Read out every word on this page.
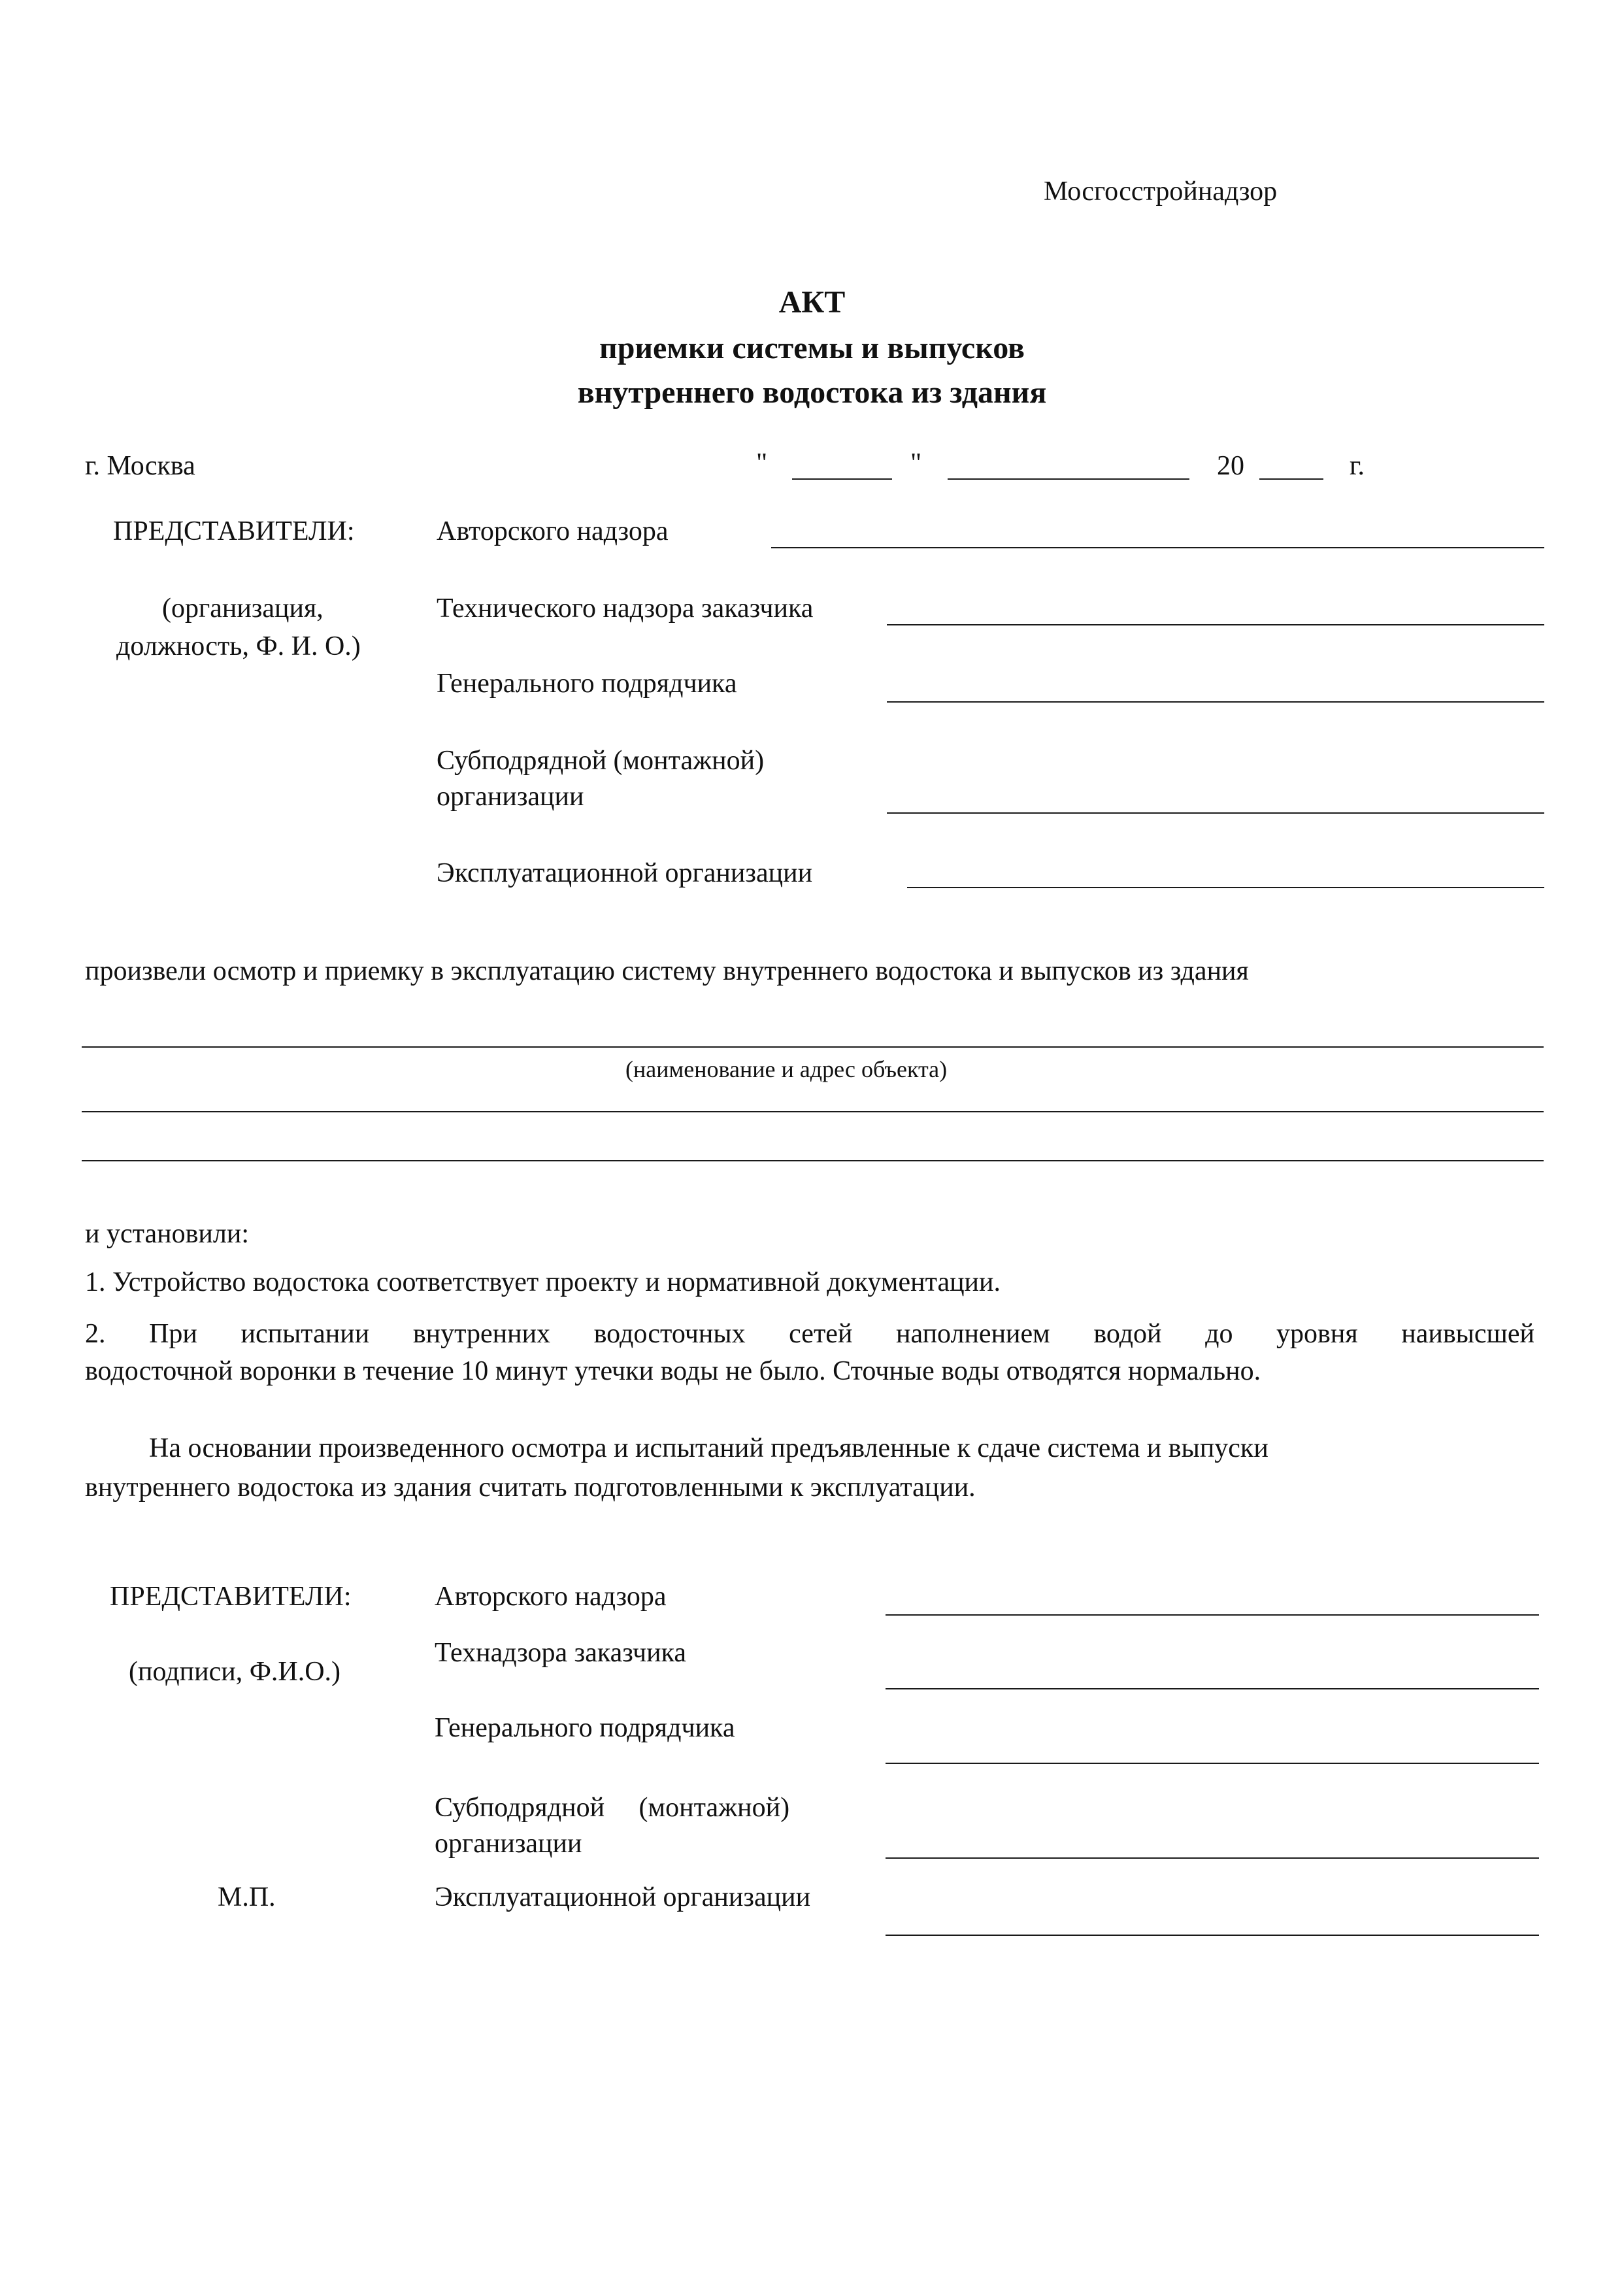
Мосгосстройнадзор
АКТ
приемки системы и выпусков
внутреннего водостока из здания
г. Москва	"	"	20	г.
ПРЕДСТАВИТЕЛИ:
(организация,
должность, Ф. И. О.)
Авторского надзора
Технического надзора заказчика
Генерального подрядчика
Субподрядной (монтажной)
организации
Эксплуатационной организации
произвели осмотр и приемку в эксплуатацию систему внутреннего водостока и выпусков из здания
(наименование и адрес объекта)
и установили:
1. Устройство водостока соответствует проекту и нормативной документации.
2. При испытании внутренних водосточных сетей наполнением водой до уровня наивысшей
водосточной воронки в течение 10 минут утечки воды не было. Сточные воды отводятся нормально.
На основании произведенного осмотра и испытаний предъявленные к сдаче система и выпуски
внутреннего водостока из здания считать подготовленными к эксплуатации.
ПРЕДСТАВИТЕЛИ:
(подписи, Ф.И.О.)
М.П.
Авторского надзора
Технадзора заказчика
Генерального подрядчика
Субподрядной     (монтажной)
организации
Эксплуатационной организации
